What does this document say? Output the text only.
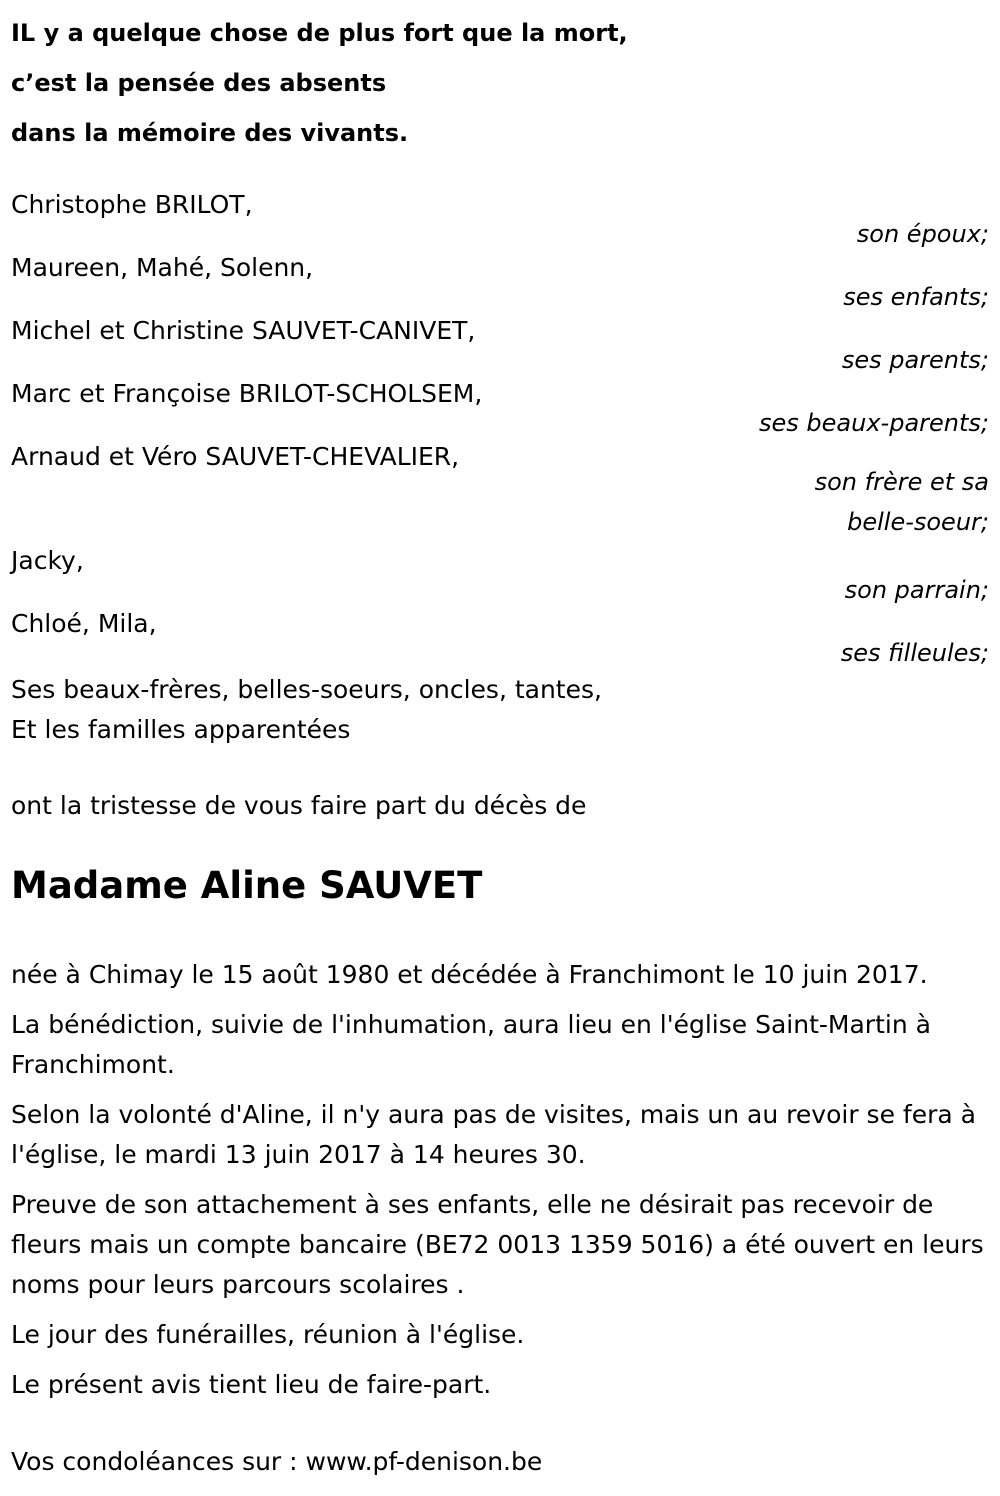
IL y a quelque chose de plus fort que la mort,
c’est la pensée des absents
dans la mémoire des vivants.
Christophe BRILOT,
son époux;
Maureen, Mahé, Solenn,
ses enfants;
Michel et Christine SAUVET-CANIVET,
ses parents;
Marc et Françoise BRILOT-SCHOLSEM,
ses beaux-parents;
Arnaud et Véro SAUVET-CHEVALIER,
son frère et sa
belle-soeur;
Jacky,
son parrain;
Chloé, Mila,
ses filleules;
Ses beaux-frères, belles-soeurs, oncles, tantes,
Et les familles apparentées
ont la tristesse de vous faire part du décès de
Madame Aline SAUVET

née à Chimay le 15 août 1980 et décédée à Franchimont le 10 juin 2017.

La bénédiction, suivie de l'inhumation, aura lieu en l'église Saint-Martin à Franchimont.

Selon la volonté d'Aline, il n'y aura pas de visites, mais un au revoir se fera à l'église, le mardi 13 juin 2017 à 14 heures 30.

Preuve de son attachement à ses enfants, elle ne désirait pas recevoir de fleurs mais un compte bancaire (BE72 0013 1359 5016) a été ouvert en leurs noms pour leurs parcours scolaires .

Le jour des funérailles, réunion à l'église.

Le présent avis tient lieu de faire-part.

Vos condoléances sur : www.pf-denison.be
